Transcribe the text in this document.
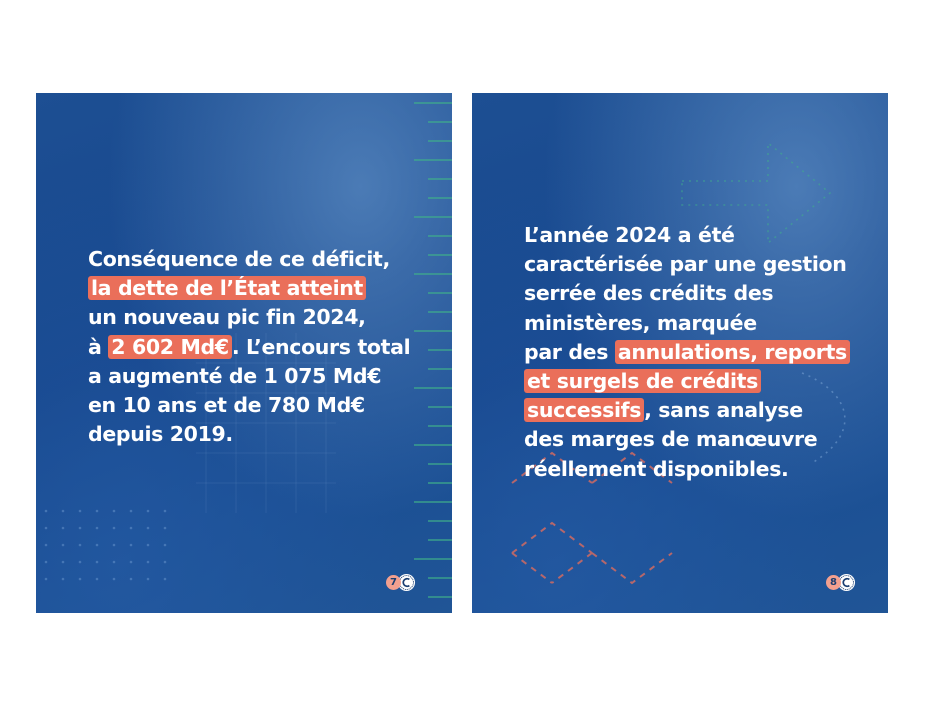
Conséquence de ce déficit,
la dette de l’État atteint
un nouveau pic fin 2024,
à 2 602 Md€ . L’encours total
a augmenté de 1 075 Md€
en 10 ans et de 780 Md€
depuis 2019.

7

L’année 2024 a été
caractérisée par une gestion
serrée des crédits des
ministères, marquée
par des annulations, reports
et surgels de crédits
successifs , sans analyse
des marges de manœuvre
réellement disponibles.

8
